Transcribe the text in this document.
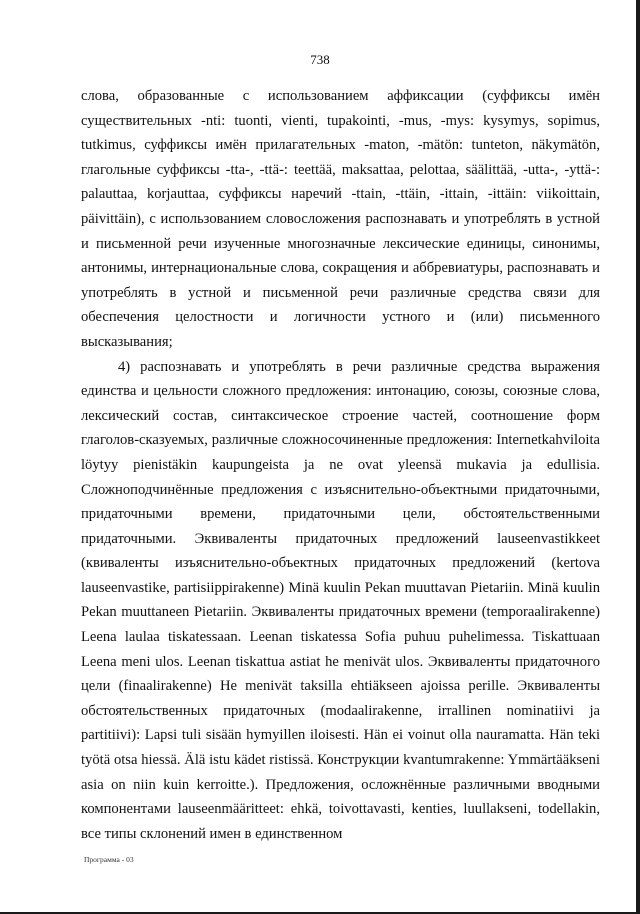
738

слова, образованные с использованием аффиксации (суффиксы имён существительных -nti: tuonti, vienti, tupakointi, -mus, -mys: kysymys, sopimus, tutkimus, суффиксы имён прилагательных -maton, -mätön: tunteton, näkymätön, глагольные суффиксы -tta-, -ttä-: teettää, maksattaa, pelottaa, säälittää, -utta-, -yttä-: palauttaa, korjauttaa, суффиксы наречий -ttain, -ttäin, -ittain, -ittäin: viikoittain, päivittäin), с использованием словосложения распознавать и употреблять в устной и письменной речи изученные многозначные лексические единицы, синонимы, антонимы, интернациональные слова, сокращения и аббревиатуры, распознавать и употреблять в устной и письменной речи различные средства связи для обеспечения целостности и логичности устного и (или) письменного высказывания;

4) распознавать и употреблять в речи различные средства выражения единства и цельности сложного предложения: интонацию, союзы, союзные слова, лексический состав, синтаксическое строение частей, соотношение форм глаголов-сказуемых, различные сложносочиненные предложения: Internetkahviloita löytyy pienistäkin kaupungeista ja ne ovat yleensä mukavia ja edullisia. Сложноподчинённые предложения с изъяснительно-объектными придаточными, придаточными времени, придаточными цели, обстоятельственными придаточными. Эквиваленты придаточных предложений lauseenvastikkeet (квиваленты изъяснительно-объектных придаточных предложений (kertova lauseenvastike, partisiippirakenne) Minä kuulin Pekan muuttavan Pietariin. Minä kuulin Pekan muuttaneen Pietariin. Эквиваленты придаточных времени (temporaalirakenne) Leena laulaa tiskatessaan. Leenan tiskatessa Sofia puhuu puhelimessa. Tiskattuaan Leena meni ulos. Leenan tiskattua astiat he menivät ulos. Эквиваленты придаточного цели (finaalirakenne) He menivät taksilla ehtiäkseen ajoissa perille. Эквиваленты обстоятельственных придаточных (modaalirakenne, irrallinen nominatiivi ja partitiivi): Lapsi tuli sisään hymyillen iloisesti. Hän ei voinut olla nauramatta. Hän teki työtä otsa hiessä. Älä istu kädet ristissä. Конструкции kvantumrakenne: Ymmärtääkseni asia on niin kuin kerroitte.). Предложения, осложнённые различными вводными компонентами lauseenmääritteet: ehkä, toivottavasti, kenties, luullakseni, todellakin, все типы склонений имен в единственном

Программа - 03
